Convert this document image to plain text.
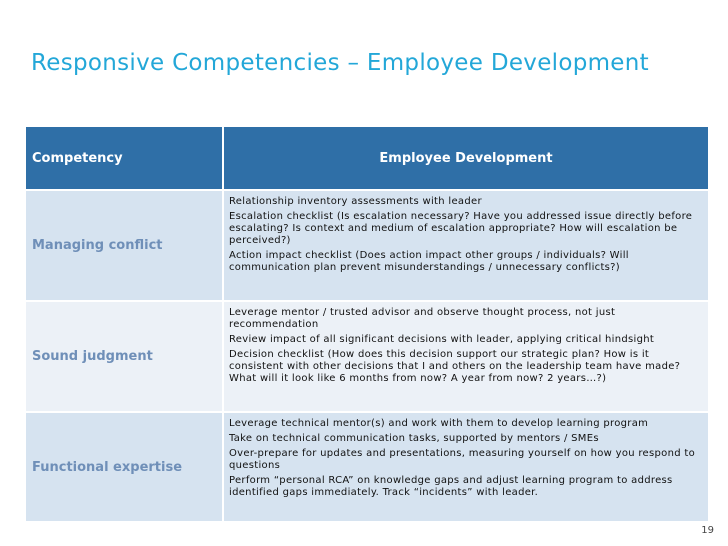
Responsive Competencies – Employee Development
Competency	Employee Development
Managing conflict

Relationship inventory assessments with leader

Escalation checklist (Is escalation necessary? Have you addressed issue directly before escalating? Is context and medium of escalation appropriate? How will escalation be perceived?)

Action impact checklist (Does action impact other groups / individuals? Will communication plan prevent misunderstandings / unnecessary conflicts?)

Sound judgment

Leverage mentor / trusted advisor and observe thought process, not just recommendation

Review impact of all significant decisions with leader, applying critical hindsight

Decision checklist (How does this decision support our strategic plan? How is it consistent with other decisions that I and others on the leadership team have made? What will it look like 6 months from now? A year from now? 2 years…?)

Functional expertise

Leverage technical mentor(s) and work with them to develop learning program

Take on technical communication tasks, supported by mentors / SMEs

Over-prepare for updates and presentations, measuring yourself on how you respond to questions

Perform “personal RCA” on knowledge gaps and adjust learning program to address identified gaps immediately. Track “incidents” with leader.

19
